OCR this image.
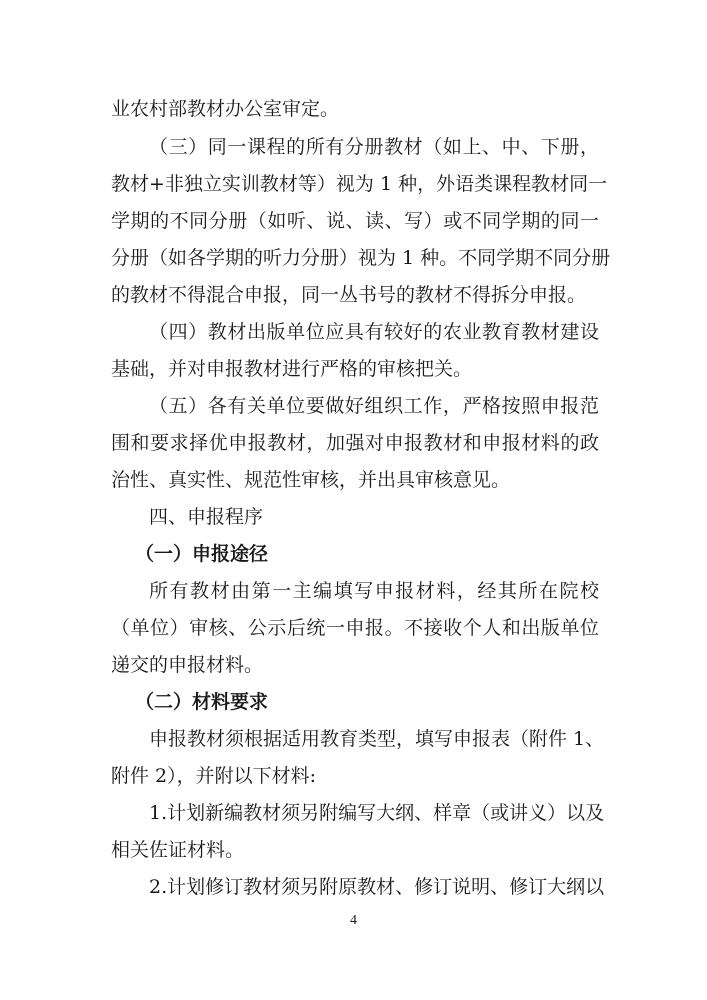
业农村部教材办公室审定。
（三）同一课程的所有分册教材（如上、中、下册，
教材+非独立实训教材等）视为 1 种，外语类课程教材同一
学期的不同分册（如听、说、读、写）或不同学期的同一
分册（如各学期的听力分册）视为 1 种。不同学期不同分册
的教材不得混合申报，同一丛书号的教材不得拆分申报。
（四）教材出版单位应具有较好的农业教育教材建设
基础，并对申报教材进行严格的审核把关。
（五）各有关单位要做好组织工作，严格按照申报范
围和要求择优申报教材，加强对申报教材和申报材料的政
治性、真实性、规范性审核，并出具审核意见。
四、申报程序
（一）申报途径
所有教材由第一主编填写申报材料，经其所在院校
（单位）审核、公示后统一申报。不接收个人和出版单位
递交的申报材料。
（二）材料要求
申报教材须根据适用教育类型，填写申报表（附件 1、
附件 2），并附以下材料:
1.计划新编教材须另附编写大纲、样章（或讲义）以及
相关佐证材料。
2.计划修订教材须另附原教材、修订说明、修订大纲以
4
